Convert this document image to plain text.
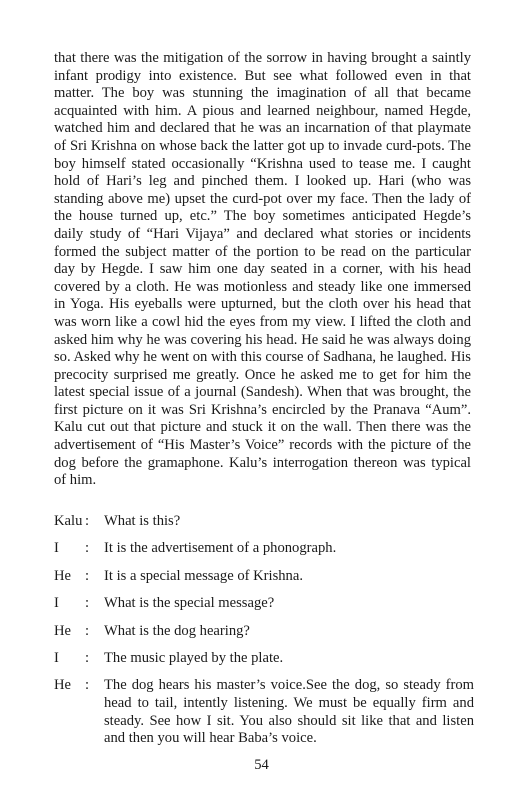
that there was the mitigation of the sorrow in having brought a saintly infant prodigy into existence. But see what followed even in that matter. The boy was stunning the imagination of all that became acquainted with him. A pious and learned neighbour, named Hegde, watched him and declared that he was an incarnation of that playmate of Sri Krishna on whose back the latter got up to invade curd-pots. The boy himself stated occasionally “Krishna used to tease me. I caught hold of Hari’s leg and pinched them. I looked up. Hari (who was standing above me) upset the curd-pot over my face. Then the lady of the house turned up, etc.” The boy sometimes anticipated Hegde’s daily study of “Hari Vijaya” and declared what stories or incidents formed the subject matter of the portion to be read on the particular day by Hegde. I saw him one day seated in a corner, with his head covered by a cloth. He was motionless and steady like one immersed in Yoga. His eyeballs were upturned, but the cloth over his head that was worn like a cowl hid the eyes from my view. I lifted the cloth and asked him why he was covering his head. He said he was always doing so. Asked why he went on with this course of Sadhana, he laughed. His precocity surprised me greatly. Once he asked me to get for him the latest special issue of a journal (Sandesh). When that was brought, the first picture on it was Sri Krishna’s encircled by the Pranava “Aum”. Kalu cut out that picture and stuck it on the wall. Then there was the advertisement of “His Master’s Voice” records with the picture of the dog before the gramaphone. Kalu’s interrogation thereon was typical of him.

Kalu :	What is this?
I	:	It is the advertisement of a phonograph.
He :	It is a special message of Krishna.
I	:	What is the special message?
He :	What is the dog hearing?
I	:	The music played by the plate.
He :	The dog hears his master’s voice.See the dog, so steady from head to tail, intently listening. We must be equally firm and steady. See how I sit. You also should sit like that and listen and then you will hear Baba’s voice.
54
